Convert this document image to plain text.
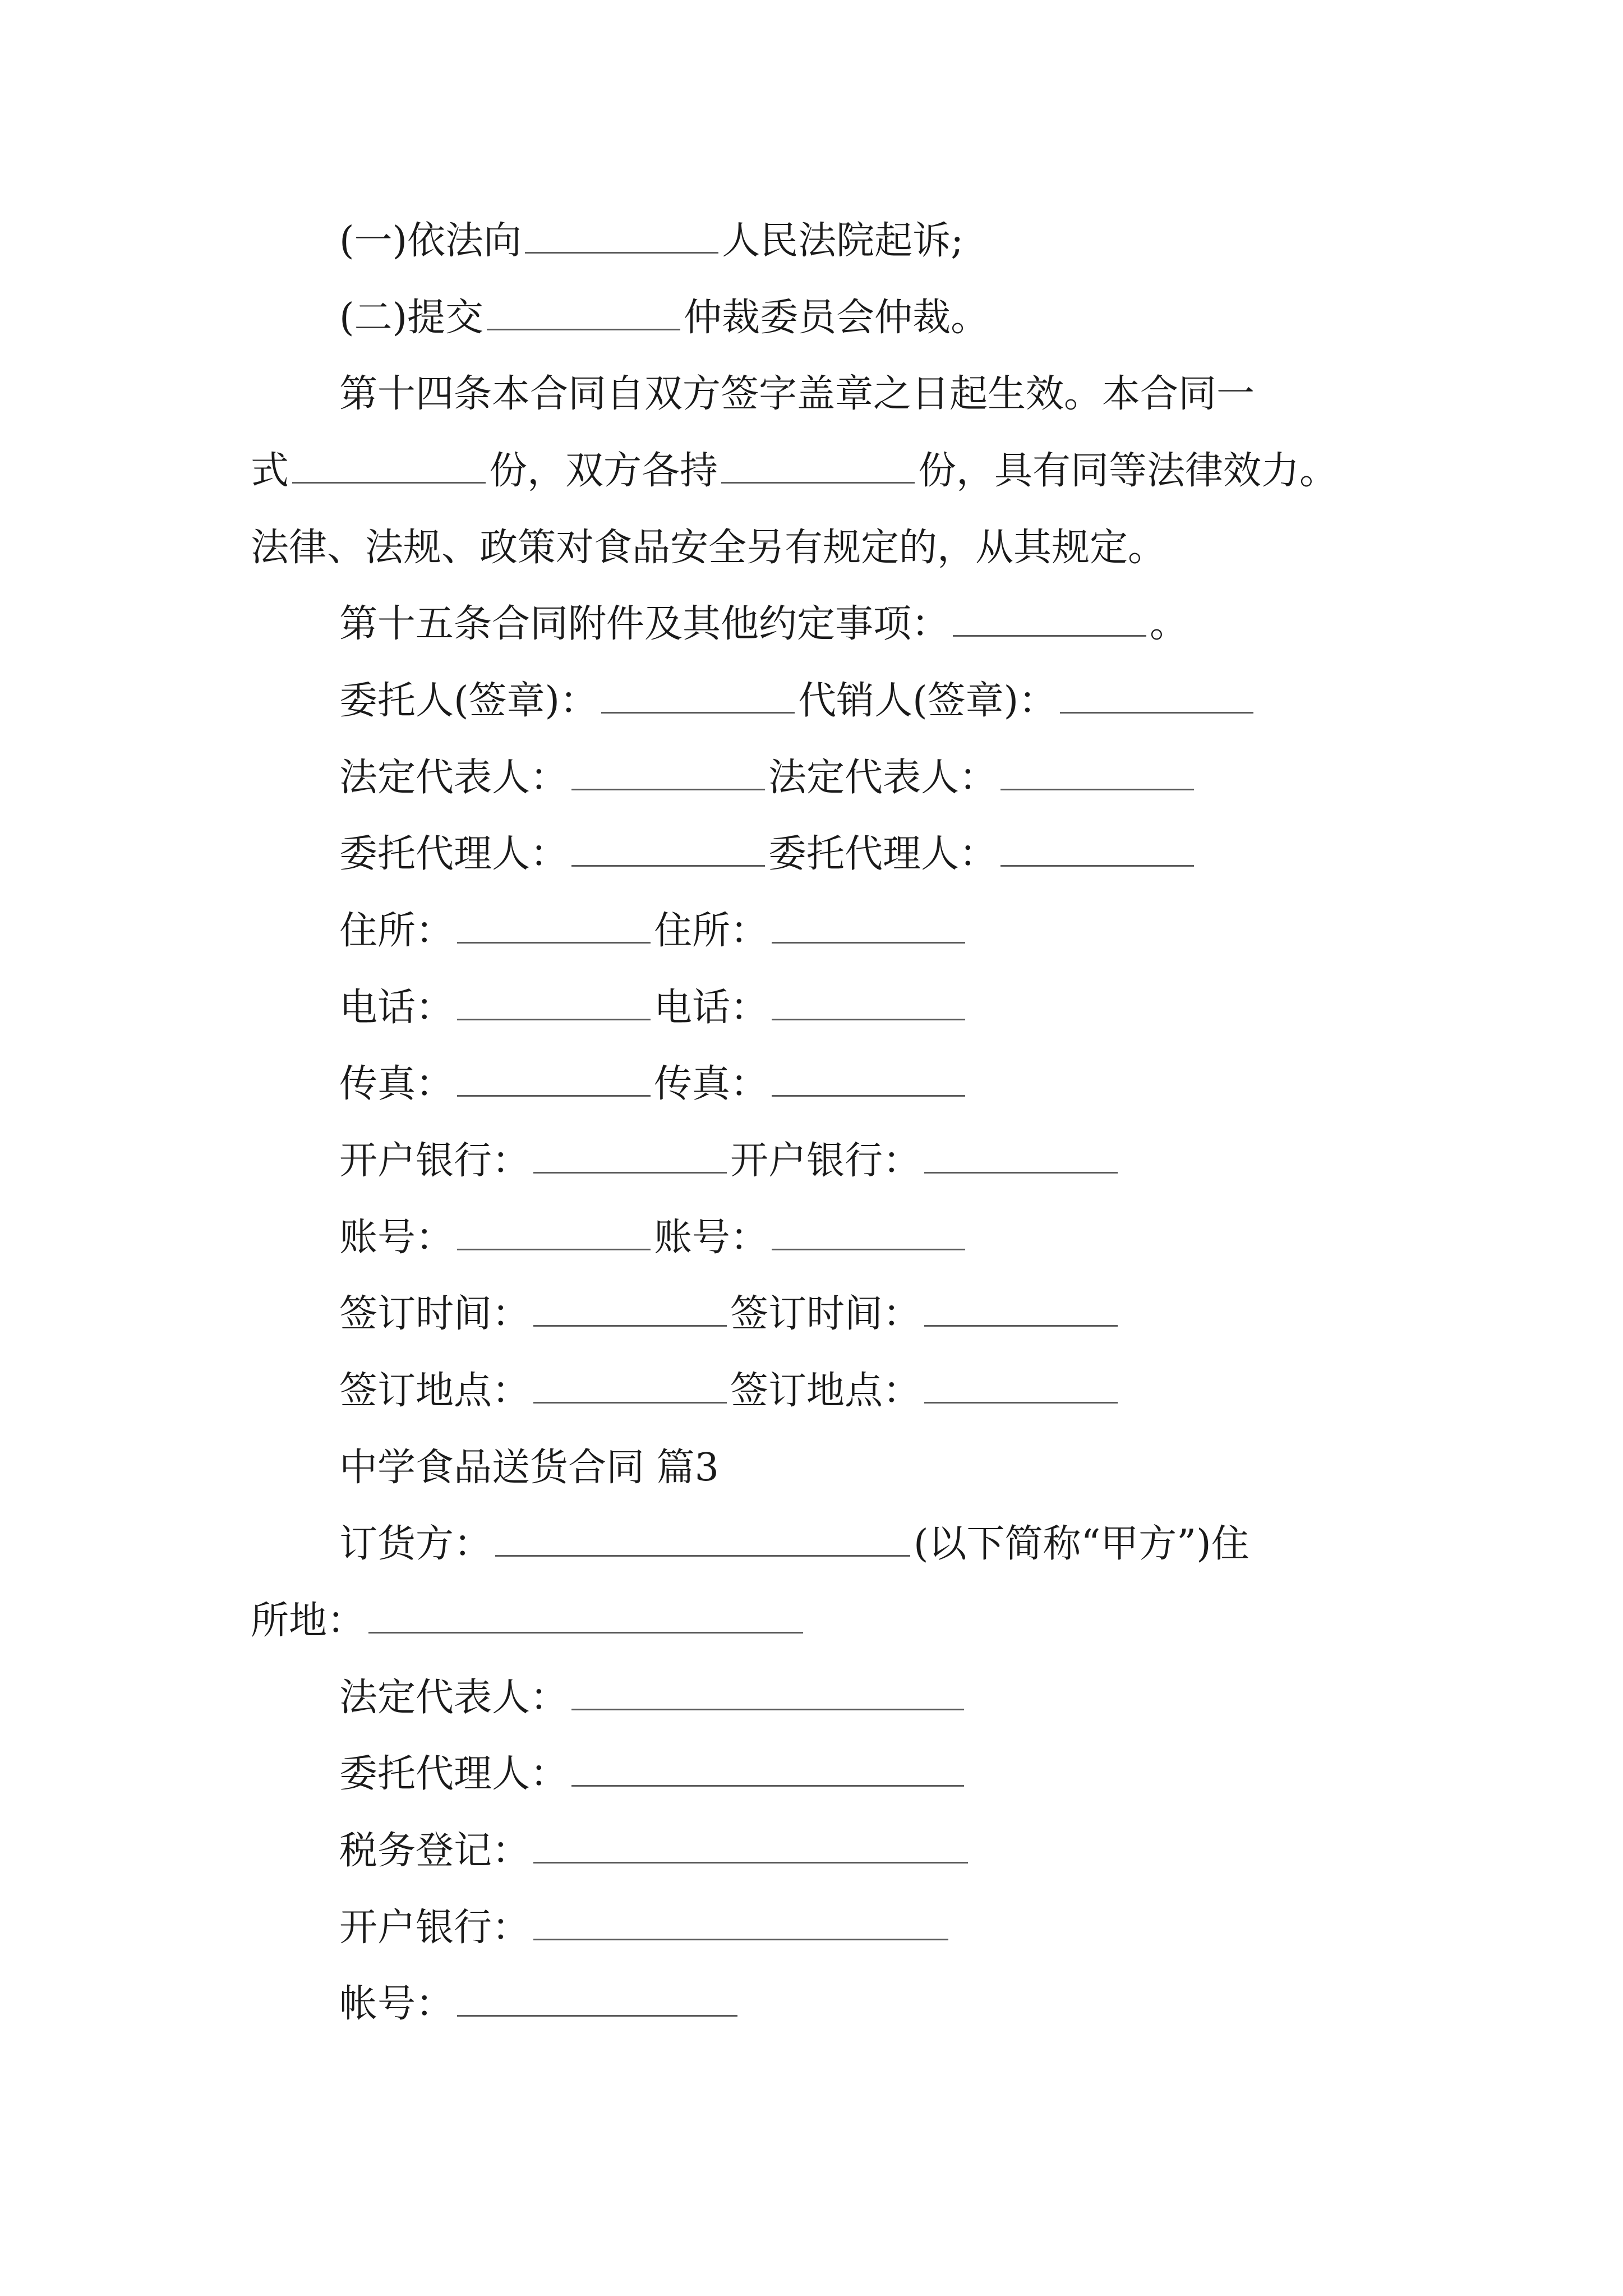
(一)依法向	人民法院起诉;
(二)提交	仲裁委员会仲裁。
第十四条本合同自双方签字盖章之日起生效。本合同一
式	份，双方各持	份，具有同等法律效力。
法律、法规、政策对食品安全另有规定的，从其规定。
第十五条合同附件及其他约定事项：	。
委托人(签章)：	代销人(签章)：
法定代表人：	法定代表人：
委托代理人：	委托代理人：
住所：	住所：
电话：	电话：
传真：	传真：
开户银行：	开户银行：
账号：	账号：
签订时间：	签订时间：
签订地点：	签订地点：
中学食品送货合同 篇3
订货方：	(以下简称“甲方”)住
所地：
法定代表人：
委托代理人：
税务登记：
开户银行：
帐号：
